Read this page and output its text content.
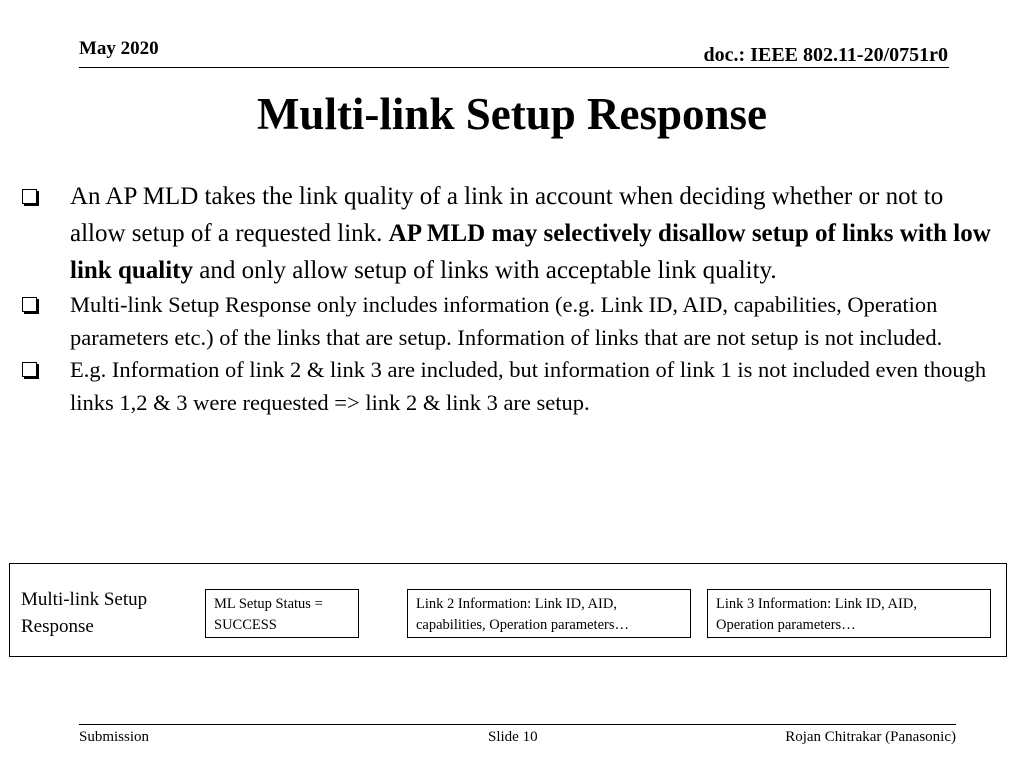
May 2020	doc.: IEEE 802.11-20/0751r0
Multi-link Setup Response
An AP MLD takes the link quality of a link in account when deciding whether or not to allow setup of a requested link. AP MLD may selectively disallow setup of links with low link quality and only allow setup of links with acceptable link quality.
Multi-link Setup Response only includes information (e.g. Link ID, AID, capabilities, Operation parameters etc.) of the links that are setup. Information of links that are not setup is not included.
E.g. Information of link 2 & link 3 are included, but information of link 1 is not included even though links 1,2 & 3 were requested => link 2 & link 3 are setup.
Multi-link Setup
Response
ML Setup Status =
SUCCESS
Link 2 Information: Link ID, AID,
capabilities, Operation parameters…
Link 3 Information: Link ID, AID,
Operation parameters…
Submission	Slide 10	Rojan Chitrakar (Panasonic)
